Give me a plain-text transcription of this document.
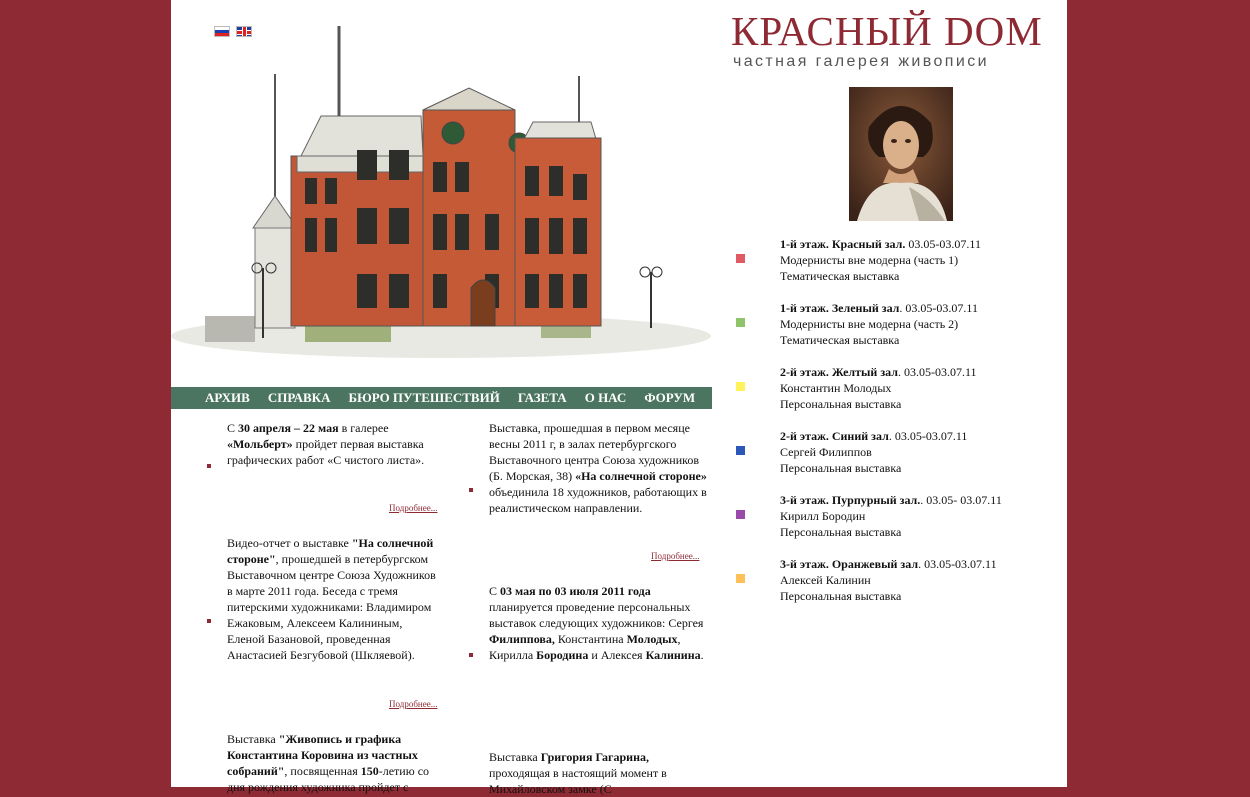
АРХИВ СПРАВКА БЮРО ПУТЕШЕСТВИЙ ГАЗЕТА О НАС ФОРУМ

С 30 апреля – 22 мая в галерее «Мольберт» пройдет первая выставка графических работ «С чистого листа».

Подробнее...

Видео-отчет о выставке "На солнечной стороне", прошедшей в петербургском Выставочном центре Союза Художников в марте 2011 года. Беседа с тремя питерскими художниками: Владимиром Ежаковым, Алексеем Калининым, Еленой Базановой, проведенная Анастасией Безгубовой (Шкляевой).

Подробнее...

Выставка "Живопись и графика Константина Коровина из частных собраний", посвященная 150-летию со дня рождения художника пройдет с

Выставка, прошедшая в первом месяце весны 2011 г, в залах петербургского Выставочного центра Союза художников (Б. Морская, 38) «На солнечной стороне» объединила 18 художников, работающих в реалистическом направлении.

Подробнее...

С 03 мая по 03 июля 2011 года планируется проведение персональных выставок следующих художников: Сергея Филиппова, Константина Молодых, Кирилла Бородина и Алексея Калинина.

Выставка Григория Гагарина, проходящая в настоящий момент в Михайловском замке (С

КРАСНЫЙ DOM
частная галерея живописи
1-й этаж. Красный зал. 03.05-03.07.11
Модернисты вне модерна (часть 1)
Тематическая выставка
1-й этаж. Зеленый зал. 03.05-03.07.11
Модернисты вне модерна (часть 2)
Тематическая выставка
2-й этаж. Желтый зал. 03.05-03.07.11
Константин Молодых
Персональная выставка
2-й этаж. Синий зал. 03.05-03.07.11
Сергей Филиппов
Персональная выставка
3-й этаж. Пурпурный зал.. 03.05- 03.07.11
Кирилл Бородин
Персональная выставка
3-й этаж. Оранжевый зал. 03.05-03.07.11
Алексей Калинин
Персональная выставка
